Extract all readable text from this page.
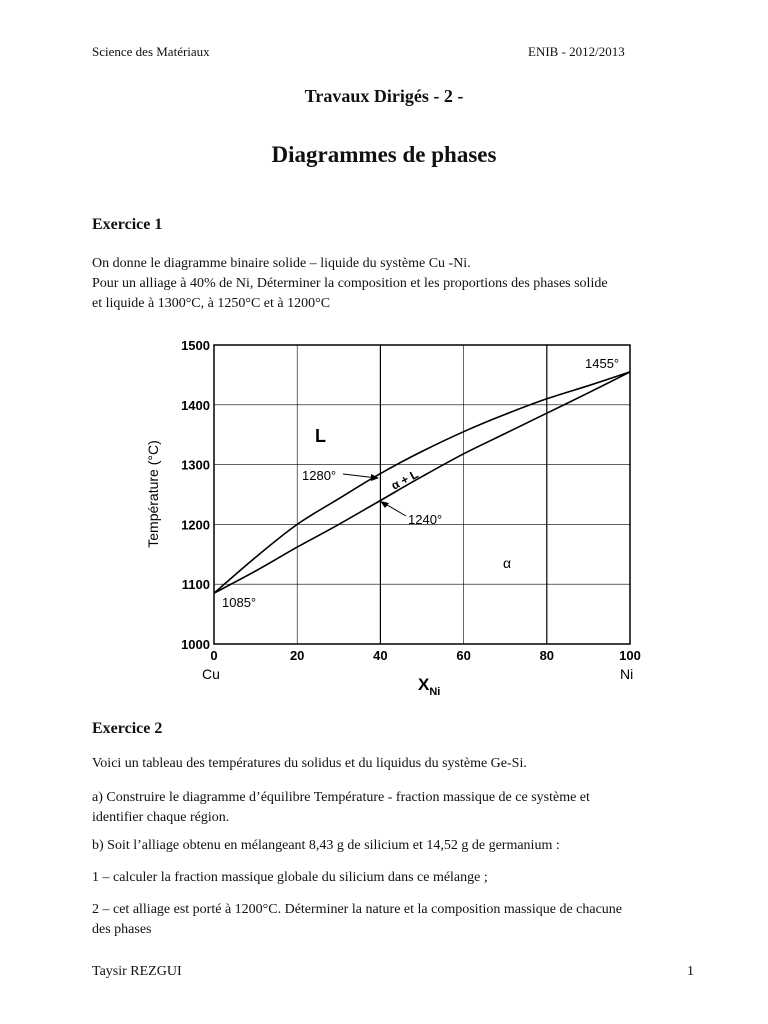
Science des Matériaux	ENIB - 2012/2013
Travaux Dirigés - 2 -
Diagrammes de phases
Exercice 1

On donne le diagramme binaire solide – liquide du système Cu -Ni.
Pour un alliage à 40% de Ni, Déterminer la composition et les proportions des phases solide
et liquide à 1300°C, à 1250°C et à 1200°C

0	20	40	60	80	100
1000
1100
1200
1300
1400
1500
Température (°C)
Cu	Ni
$X_{Ni}$
L
α + L
α
1455°
1280°
1240°
1085°
Exercice 2

Voici un tableau des températures du solidus et du liquidus du système Ge-Si.

a) Construire le diagramme d’équilibre Température - fraction massique de ce système et
identifier chaque région.

b) Soit l’alliage obtenu en mélangeant 8,43 g de silicium et 14,52 g de germanium :

1 – calculer la fraction massique globale du silicium dans ce mélange ;

2 – cet alliage est porté à 1200°C. Déterminer la nature et la composition massique de chacune
des phases

Taysir REZGUI	1
